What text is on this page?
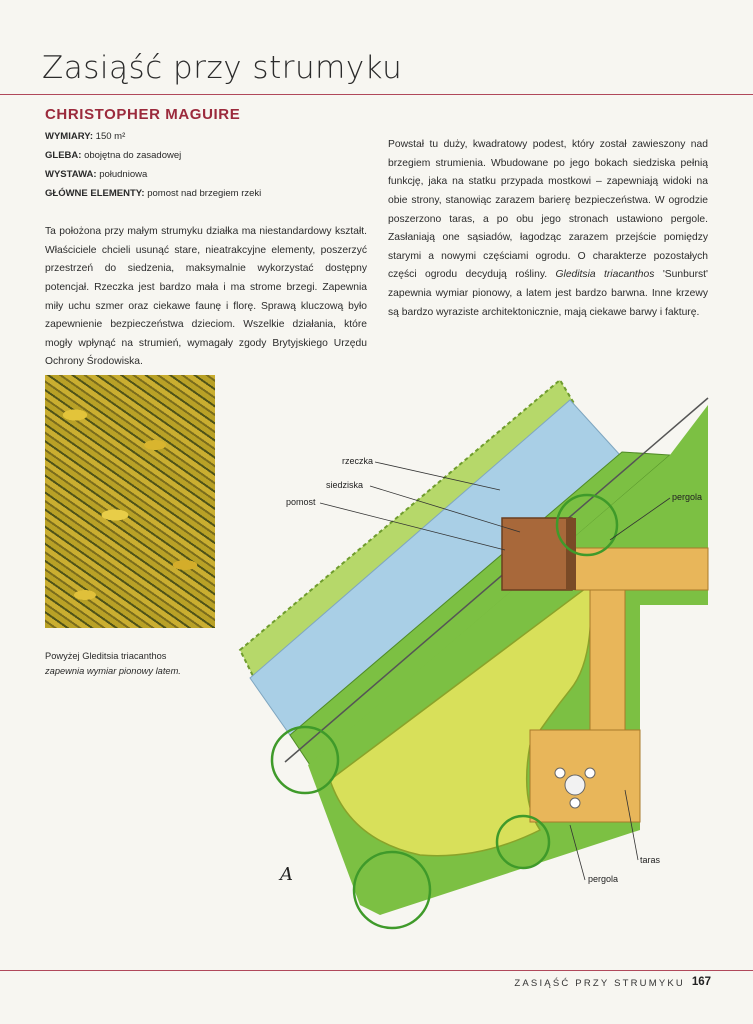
Zasiąść przy strumyku
CHRISTOPHER MAGUIRE
WYMIARY: 150 m²
GLEBA: obojętna do zasadowej
WYSTAWA: południowa
GŁÓWNE ELEMENTY: pomost nad brzegiem rzeki

Ta położona przy małym strumyku działka ma niestandardowy kształt. Właściciele chcieli usunąć stare, nieatrakcyjne elementy, poszerzyć przestrzeń do siedzenia, maksymalnie wykorzystać dostępny potencjał. Rzeczka jest bardzo mała i ma strome brzegi. Zapewnia miły uchu szmer oraz ciekawe faunę i florę. Sprawą kluczową było zapewnienie bezpieczeństwa dzieciom. Wszelkie działania, które mogły wpłynąć na strumień, wymagały zgody Brytyjskiego Urzędu Ochrony Środowiska.

Powstał tu duży, kwadratowy podest, który został zawieszony nad brzegiem strumienia. Wbudowane po jego bokach siedziska pełnią funkcję, jaka na statku przypada mostkowi – zapewniają widoki na obie strony, stanowiąc zarazem barierę bezpieczeństwa. W ogrodzie poszerzono taras, a po obu jego stronach ustawiono pergole. Zasłaniają one sąsiadów, łagodząc zarazem przejście pomiędzy starymi a nowymi częściami ogrodu. O charakterze pozostałych części ogrodu decydują rośliny. Gleditsia triacanthos 'Sunburst' zapewnia wymiar pionowy, a latem jest bardzo barwna. Inne krzewy są bardzo wyraziste architektonicznie, mają ciekawe barwy i fakturę.

Powyżej Gleditsia triacanthos
zapewnia wymiar pionowy latem.
rzeczka
siedziska
pomost	pergola
taras
pergola
A
ZASIĄŚĆ PRZY STRUMYKU 167
